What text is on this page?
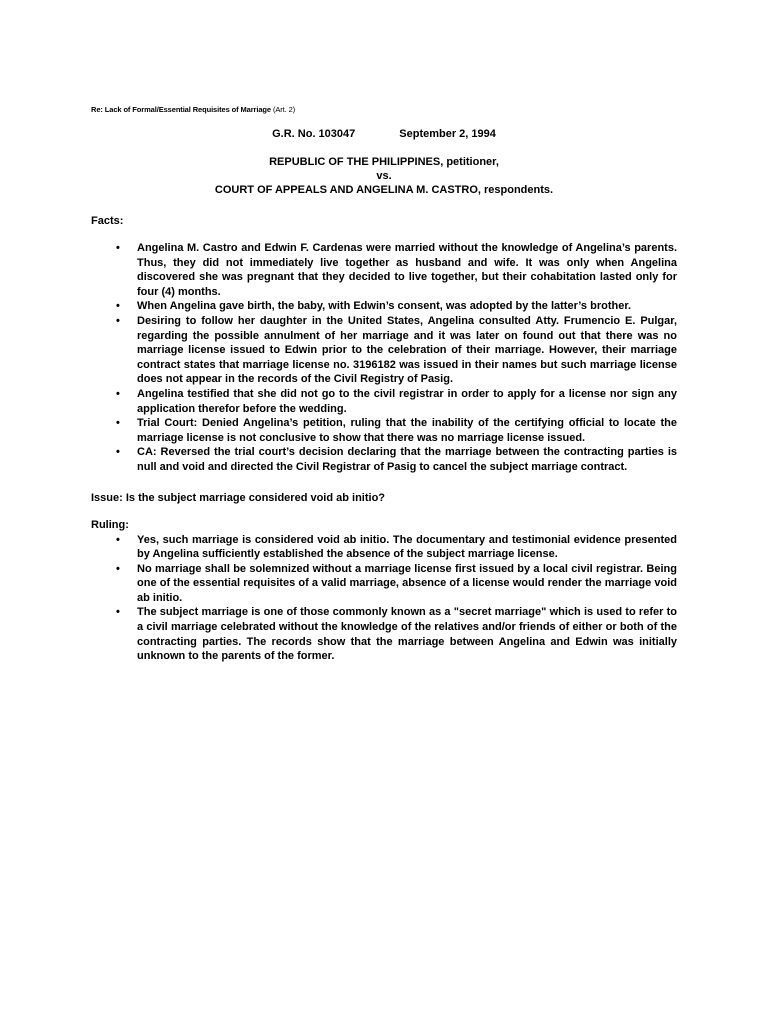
Re: Lack of Formal/Essential Requisites of Marriage (Art. 2)

G.R. No. 103047	September 2, 1994
REPUBLIC OF THE PHILIPPINES, petitioner,
vs.
COURT OF APPEALS AND ANGELINA M. CASTRO, respondents.

Facts:

• Angelina M. Castro and Edwin F. Cardenas were married without the knowledge of Angelina’s parents. Thus, they did not immediately live together as husband and wife. It was only when Angelina discovered she was pregnant that they decided to live together, but their cohabitation lasted only for four (4) months.
• When Angelina gave birth, the baby, with Edwin’s consent, was adopted by the latter’s brother.
• Desiring to follow her daughter in the United States, Angelina consulted Atty. Frumencio E. Pulgar, regarding the possible annulment of her marriage and it was later on found out that there was no marriage license issued to Edwin prior to the celebration of their marriage. However, their marriage contract states that marriage license no. 3196182 was issued in their names but such marriage license does not appear in the records of the Civil Registry of Pasig.
• Angelina testified that she did not go to the civil registrar in order to apply for a license nor sign any application therefor before the wedding.
• Trial Court: Denied Angelina’s petition, ruling that the inability of the certifying official to locate the marriage license is not conclusive to show that there was no marriage license issued.
• CA: Reversed the trial court’s decision declaring that the marriage between the contracting parties is null and void and directed the Civil Registrar of Pasig to cancel the subject marriage contract.

Issue: Is the subject marriage considered void ab initio?

Ruling:

• Yes, such marriage is considered void ab initio. The documentary and testimonial evidence presented by Angelina sufficiently established the absence of the subject marriage license.
• No marriage shall be solemnized without a marriage license first issued by a local civil registrar. Being one of the essential requisites of a valid marriage, absence of a license would render the marriage void ab initio.
• The subject marriage is one of those commonly known as a "secret marriage" which is used to refer to a civil marriage celebrated without the knowledge of the relatives and/or friends of either or both of the contracting parties. The records show that the marriage between Angelina and Edwin was initially unknown to the parents of the former.
